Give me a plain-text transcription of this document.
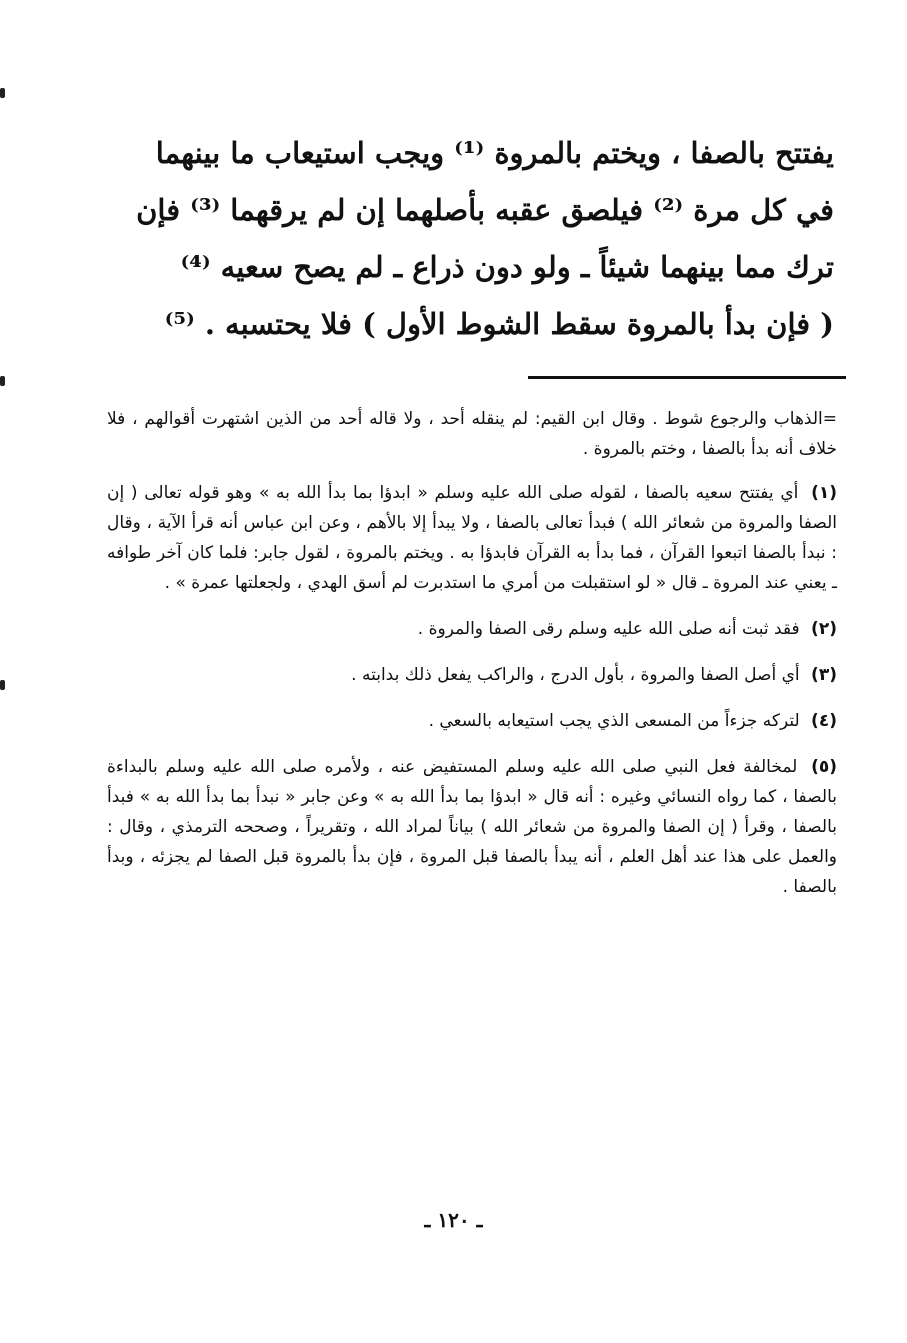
يفتتح بالصفا ، ويختم بالمروة ⁽¹⁾ ويجب استيعاب ما بينهما
في كل مرة ⁽²⁾ فيلصق عقبه بأصلهما إن لم يرقهما ⁽³⁾ فإن
ترك مما بينهما شيئاً ـ ولو دون ذراع ـ لم يصح سعيه ⁽⁴⁾
( فإن بدأ بالمروة سقط الشوط الأول ) فلا يحتسبه . ⁽⁵⁾

=الذهاب والرجوع شوط . وقال ابن القيم: لم ينقله أحد ، ولا قاله أحد من الذين اشتهرت أقوالهم ، فلا خلاف أنه بدأ بالصفا ، وختم بالمروة .

(١) أي يفتتح سعيه بالصفا ، لقوله صلى الله عليه وسلم « ابدؤا بما بدأ الله به » وهو قوله تعالى ( إن الصفا والمروة من شعائر الله ) فبدأ تعالى بالصفا ، ولا يبدأ إلا بالأهم ، وعن ابن عباس أنه قرأ الآية ، وقال : نبدأ بالصفا اتبعوا القرآن ، فما بدأ به القرآن فابدؤا به . ويختم بالمروة ، لقول جابر: فلما كان آخر طوافه ـ يعني عند المروة ـ قال « لو استقبلت من أمري ما استدبرت لم أسق الهدي ، ولجعلتها عمرة » .

(٢) فقد ثبت أنه صلى الله عليه وسلم رقى الصفا والمروة .

(٣) أي أصل الصفا والمروة ، بأول الدرج ، والراكب يفعل ذلك بدابته .

(٤) لتركه جزءاً من المسعى الذي يجب استيعابه بالسعي .

(٥) لمخالفة فعل النبي صلى الله عليه وسلم المستفيض عنه ، ولأمره صلى الله عليه وسلم بالبداءة بالصفا ، كما رواه النسائي وغيره : أنه قال « ابدؤا بما بدأ الله به » وعن جابر « نبدأ بما بدأ الله به » فبدأ بالصفا ، وقرأ ( إن الصفا والمروة من شعائر الله ) بياناً لمراد الله ، وتقريراً ، وصححه الترمذي ، وقال : والعمل على هذا عند أهل العلم ، أنه يبدأ بالصفا قبل المروة ، فإن بدأ بالمروة قبل الصفا لم يجزئه ، وبدأ بالصفا .

ـ ١٢٠ ـ
